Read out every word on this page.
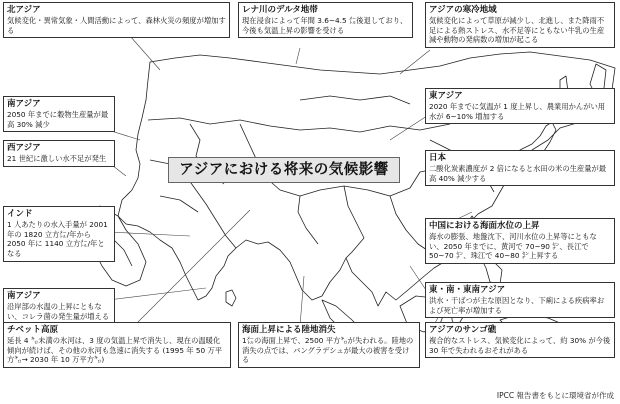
北アジア
気候変化・異常気象・人間活動によって、森林火災の頻度が増加する
レナ川のデルタ地帯
現在浸食によって年間 3.6~4.5 ㍍後退しており、今後も気温上昇の影響を受ける
アジアの寒冷地域
気候変化によって草原が減少し、北進し、また降雨不足による熱ストレス、水不足等にともない牛乳の生産減や動物の発病数の増加が起こる
南アジア
2050 年までに穀物生産量が最高 30% 減少
東アジア
2020 年までに気温が 1 度上昇し、農業用かんがい用水が 6~10% 増加する
西アジア
21 世紀に激しい水不足が発生	日本
二酸化炭素濃度が 2 倍になると水田の米の生産量が最高 40% 減少する
インド
1 人あたりの水入手量が 2001 年の 1820 立方㍍/年から 2050 年に 1140 立方㍍/年となる
中国における海面水位の上昇
海水の膨張、地盤沈下、河川水位の上昇等にともない、2050 年までに、黄河で 70~90 ㌢、長江で 50~70 ㌢、珠江で 40~80 ㌢上昇する
東・南・東南アジア
洪水・干ばつが主な原因となり、下痢による疾病率および死亡率が増加する
南アジア
沿岸部の水温の上昇にともない、コレラ菌の発生量が増える
アジアのサンゴ礁
複合的なストレス、気候変化によって、約 30% が今後 30 年で失われるおそれがある
チベット高原
延長 4 ㌔未満の氷河は、3 度の気温上昇で消失し、現在の温暖化傾向が続けば、その他の氷河も急速に消失する (1995 年 50 万平方㌔→ 2030 年 10 万平方㌔)
海面上昇による陸地消失
1㍍の海面上昇で、2500 平方㌔が失われる。陸地の消失の点では、バングラデシュが最大の被害を受ける
アジアにおける将来の気候影響
IPCC 報告書をもとに環境省が作成
